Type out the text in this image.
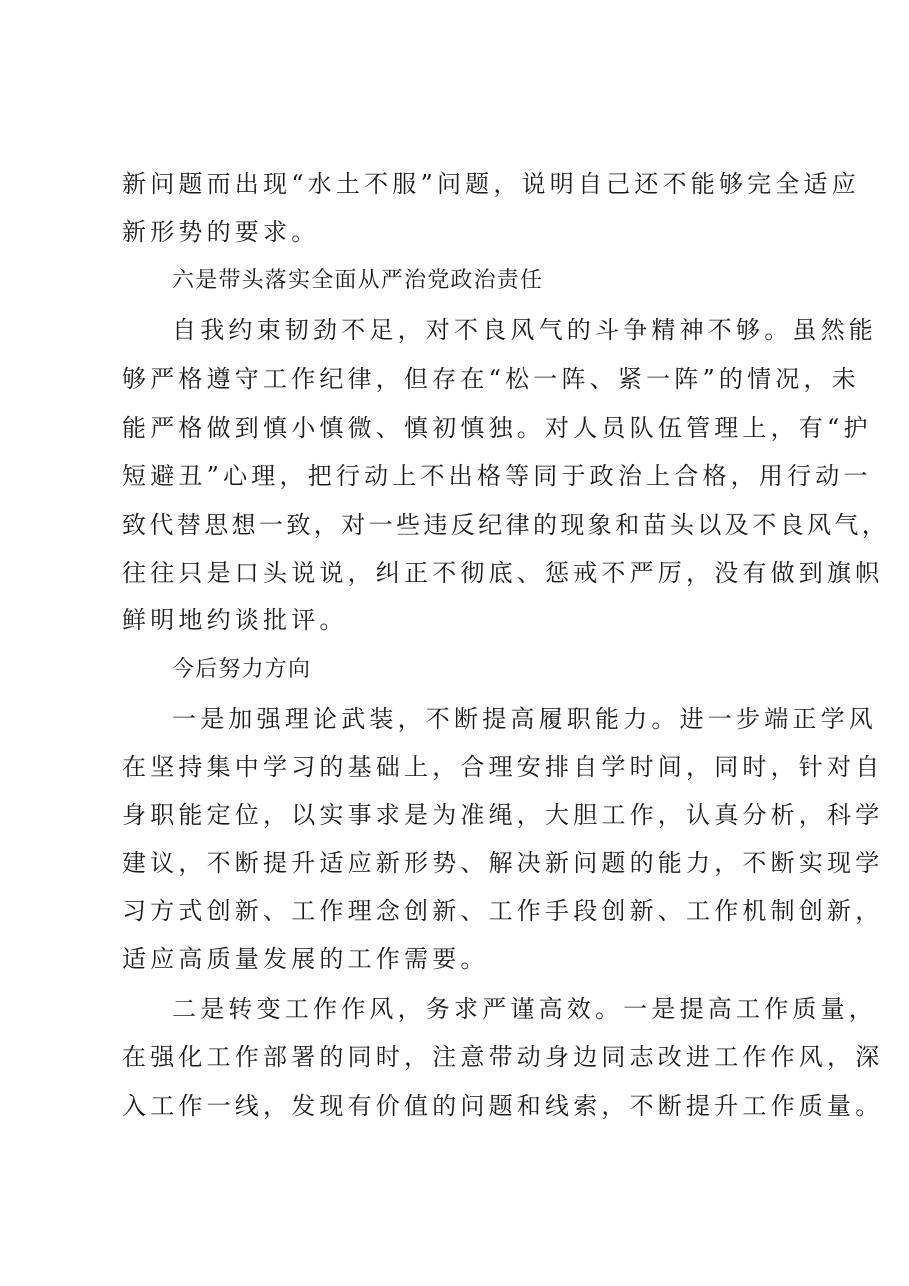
新问题而出现“水土不服”问题，说明自己还不能够完全适应
新形势的要求。
六是带头落实全面从严治党政治责任
自我约束韧劲不足，对不良风气的斗争精神不够。虽然能
够严格遵守工作纪律，但存在“松一阵、紧一阵”的情况，未
能严格做到慎小慎微、慎初慎独。对人员队伍管理上，有“护
短避丑”心理，把行动上不出格等同于政治上合格，用行动一
致代替思想一致，对一些违反纪律的现象和苗头以及不良风气，
往往只是口头说说，纠正不彻底、惩戒不严厉，没有做到旗帜
鲜明地约谈批评。
今后努力方向
一是加强理论武装，不断提高履职能力。进一步端正学风
在坚持集中学习的基础上，合理安排自学时间，同时，针对自
身职能定位，以实事求是为准绳，大胆工作，认真分析，科学
建议，不断提升适应新形势、解决新问题的能力，不断实现学
习方式创新、工作理念创新、工作手段创新、工作机制创新，
适应高质量发展的工作需要。
二是转变工作作风，务求严谨高效。一是提高工作质量，
在强化工作部署的同时，注意带动身边同志改进工作作风，深
入工作一线，发现有价值的问题和线索，不断提升工作质量。
